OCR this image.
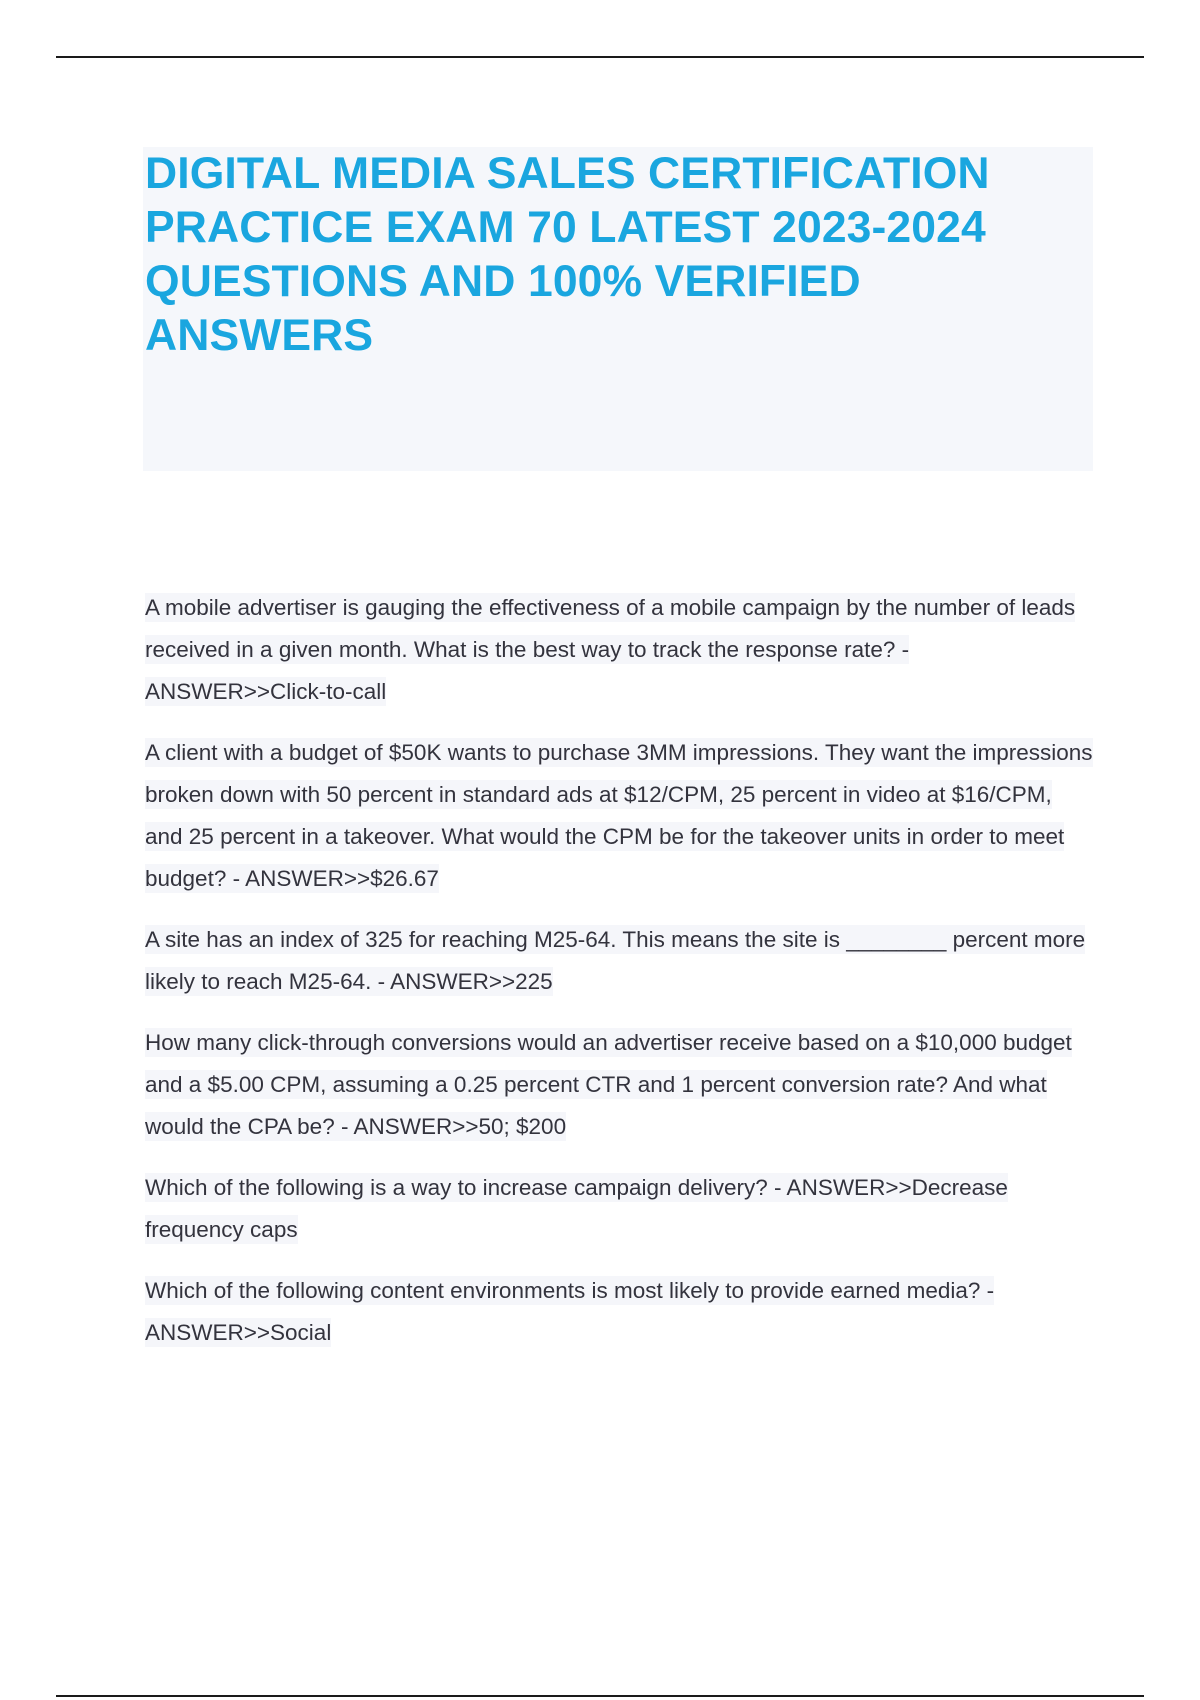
DIGITAL MEDIA SALES CERTIFICATION PRACTICE EXAM 70 LATEST 2023-2024 QUESTIONS AND 100% VERIFIED ANSWERS

A mobile advertiser is gauging the effectiveness of a mobile campaign by the number of leads received in a given month. What is the best way to track the response rate? - ANSWER>>Click-to-call

A client with a budget of $50K wants to purchase 3MM impressions. They want the impressions broken down with 50 percent in standard ads at $12/CPM, 25 percent in video at $16/CPM, and 25 percent in a takeover. What would the CPM be for the takeover units in order to meet budget? - ANSWER>>$26.67

A site has an index of 325 for reaching M25-64. This means the site is ________ percent more likely to reach M25-64. - ANSWER>>225

How many click-through conversions would an advertiser receive based on a $10,000 budget and a $5.00 CPM, assuming a 0.25 percent CTR and 1 percent conversion rate? And what would the CPA be? - ANSWER>>50; $200

Which of the following is a way to increase campaign delivery? - ANSWER>>Decrease frequency caps

Which of the following content environments is most likely to provide earned media? - ANSWER>>Social
